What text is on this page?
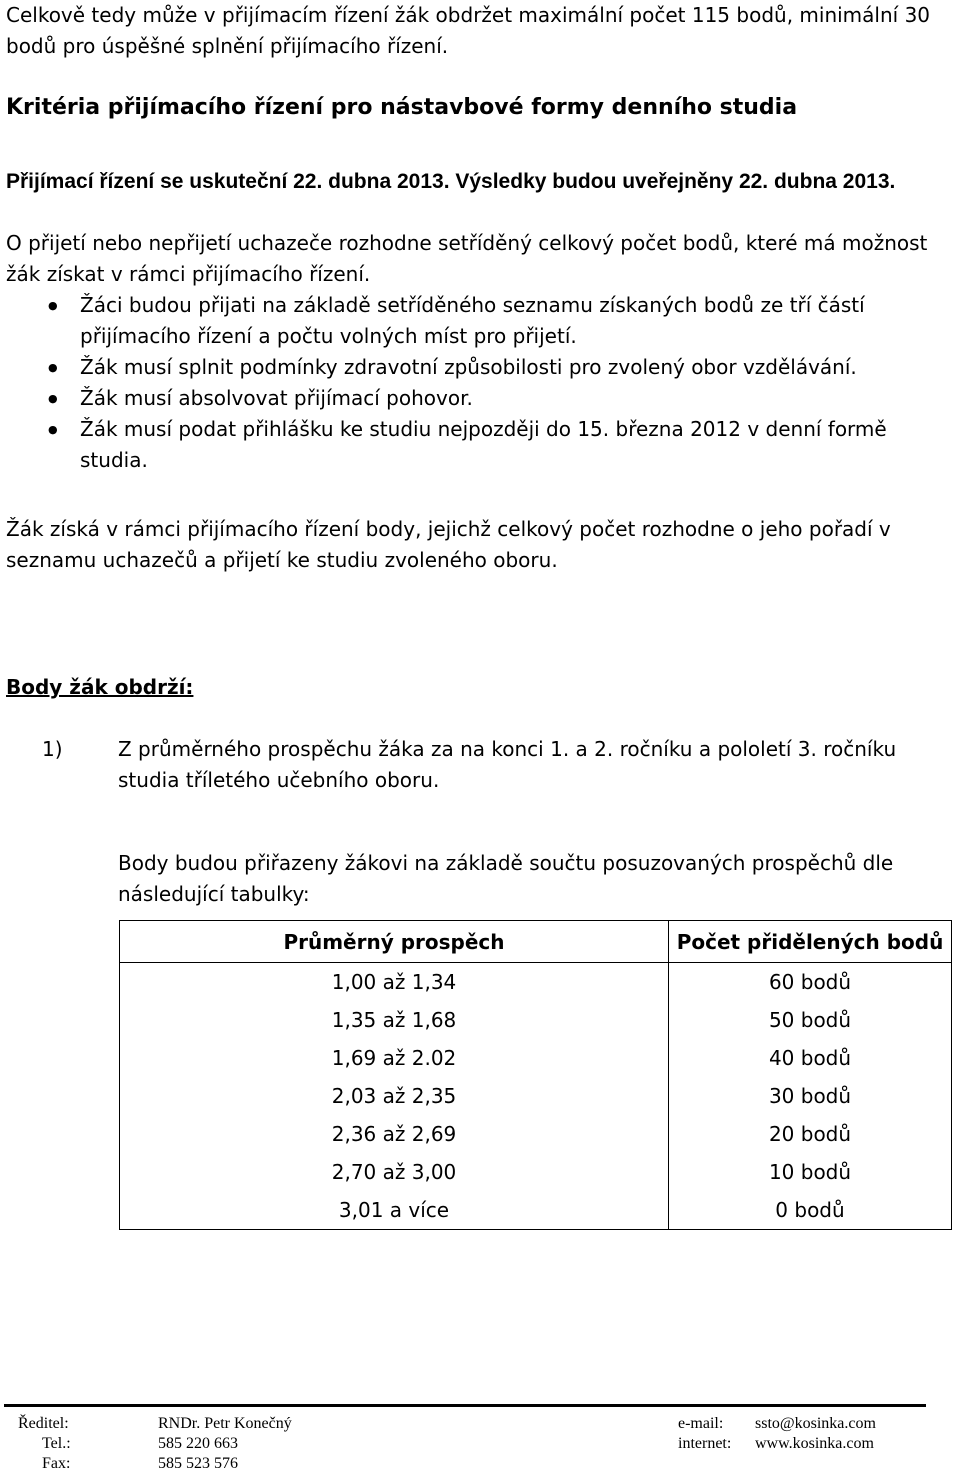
Celkově tedy může v přijímacím řízení žák obdržet maximální počet 115 bodů, minimální 30 bodů pro úspěšné splnění přijímacího řízení.

Kritéria přijímacího řízení pro nástavbové formy denního studia

Přijímací řízení se uskuteční 22. dubna 2013. Výsledky budou uveřejněny 22. dubna 2013.

O přijetí nebo nepřijetí uchazeče rozhodne setříděný celkový počet bodů, které má možnost žák získat v rámci přijímacího řízení.

● Žáci budou přijati na základě setříděného seznamu získaných bodů ze tří částí přijímacího řízení a počtu volných míst pro přijetí.
● Žák musí splnit podmínky zdravotní způsobilosti pro zvolený obor vzdělávání.
● Žák musí absolvovat přijímací pohovor.
● Žák musí podat přihlášku ke studiu nejpozději do 15. března 2012 v denní formě studia.

Žák získá v rámci přijímacího řízení body, jejichž celkový počet rozhodne o jeho pořadí v seznamu uchazečů a přijetí ke studiu zvoleného oboru.

Body žák obdrží:

1)	Z průměrného prospěchu žáka za na konci 1. a 2. ročníku a pololetí 3. ročníku studia tříletého učebního oboru.

Body budou přiřazeny žákovi na základě součtu posuzovaných prospěchů dle následující tabulky:

Průměrný prospěch	Počet přidělených bodů
1,00 až 1,34	60 bodů
1,35 až 1,68	50 bodů
1,69 až 2.02	40 bodů
2,03 až 2,35	30 bodů
2,36 až 2,69	20 bodů
2,70 až 3,00	10 bodů
3,01 a více	0 bodů
Ředitel:	RNDr. Petr Konečný	e-mail: ssto@kosinka.com
Tel.:	585 220 663	internet: www.kosinka.com
Fax:	585 523 576
